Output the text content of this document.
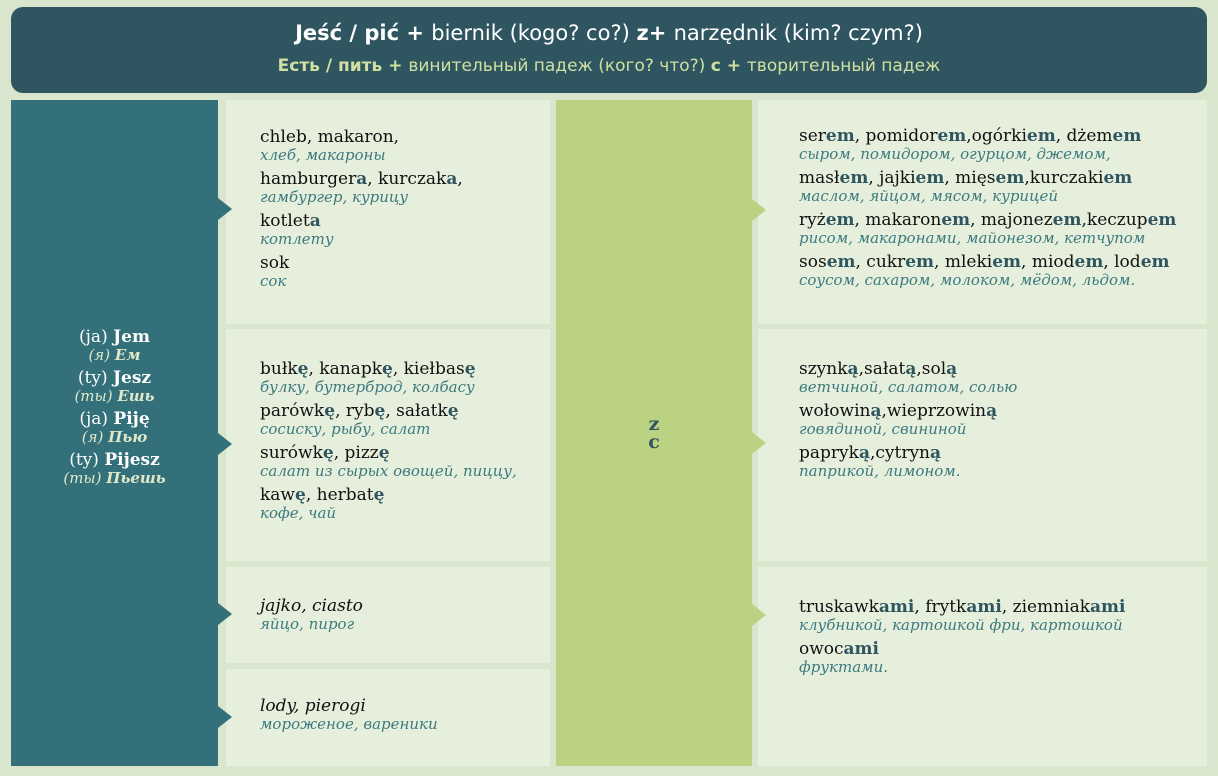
Jeść / pić + biernik (kogo? co?) z+ narzędnik (kim? czym?)
Есть / пить + винительный падеж (кого? что?) с + творительный падеж
(ja) Jem
(я) Ем
(ty) Jesz
(ты) Ешь
(ja) Piję
(я) Пью
(ty) Pijesz
(ты) Пьешь
chleb, makaron,
хлеб, макароны
hamburgera, kurczaka,
гамбургер, курицу
kotleta
котлету
sok
сок
bułkę, kanapkę, kiełbasę
булку, бутерброд, колбасу
parówkę, rybę, sałatkę
сосиску, рыбу, салат
surówkę, pizzę
салат из сырых овощей, пиццу,
kawę, herbatę
кофе, чай
jajko, ciasto
яйцо, пирог
lody, pierogi
мороженое, вареники
z
с
serem, pomidorem,ogórkiem, dżemem
сыром, помидором, огурцом, джемом,
masłem, jajkiem, mięsem,kurczakiem
маслом, яйцом, мясом, курицей
ryżem, makaronem, majonezem,keczupem
рисом, макаронами, майонезом, кетчупом
sosem, cukrem, mlekiem, miodem, lodem
соусом, сахаром, молоком, мёдом, льдом.
szynką,sałatą,solą
ветчиной, салатом, солью
wołowiną,wieprzowiną
говядиной, свининой
papryką,cytryną
паприкой, лимоном.
truskawkami, frytkami, ziemniakami
клубникой, картошкой фри, картошкой
owocami
фруктами.
